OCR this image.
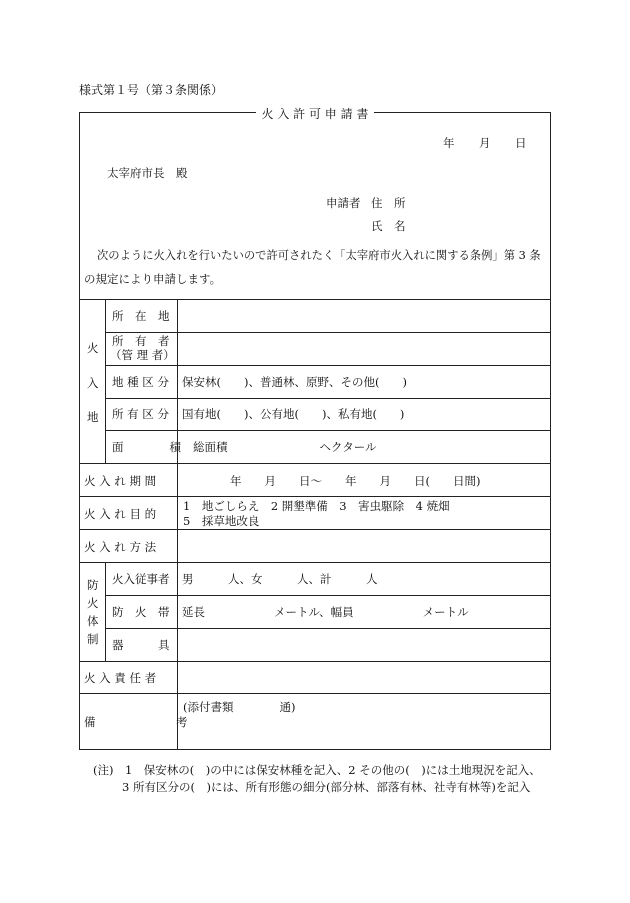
様式第１号（第３条関係）
火 入 許 可 申 請 書
年 月 日
太宰府市長　殿
申請者 住　所
氏　名
次のように火入れを行いたいので許可されたく「太宰府市火入れに関する条例」第 3 条
の規定により申請します。
火
入
地
所　在　地
所　有　者
（管 理 者）
地 種 区 分 保安林(　　)、普通林、原野、その他(　　)
所 有 区 分 国有地(　　)、公有地(　　)、私有地(　　)
面　　　　積 総面積　　　　　　　　ヘクタール
火 入 れ 期 間	年　　月　　日～　　年　　月　　日(　　日間)
火 入 れ 目 的
1　地ごしらえ　2 開墾準備　3　害虫駆除　4 焼畑
5　採草地改良
火 入 れ 方 法
防
火
体
制
火入従事者 男　　　人、女　　　人、計　　　人
防　火　帯 延長　　　　　　メートル、幅員　　　　　　メートル
器　　　具
火 入 責 任 者
備　　　　　　　考
(添付書類　　　　通)
(注)　1　保安林の(　)の中には保安林種を記入、2 その他の(　)には土地現況を記入、
3 所有区分の(　)には、所有形態の細分(部分林、部落有林、社寺有林等)を記入
